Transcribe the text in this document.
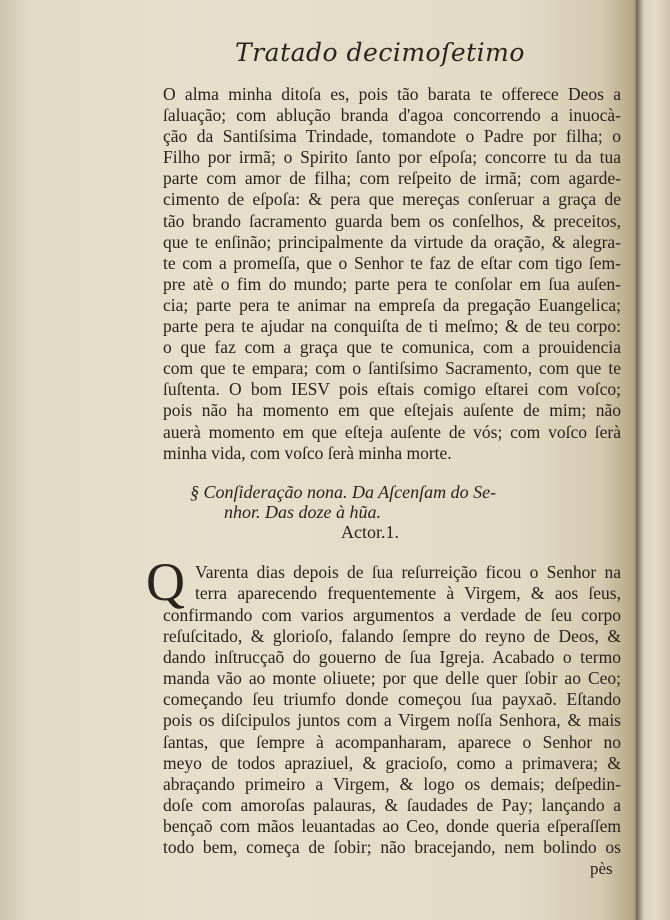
Tratado decimoſetimo
O alma minha ditoſa es, pois tão barata te offerece Deos a
ſaluação; com ablução branda d'agoa concorrendo a inuocà-
ção da Santiſsima Trindade, tomandote o Padre por filha; o
Filho por irmã; o Spirito ſanto por eſpoſa; concorre tu da tua
parte com amor de filha; com reſpeito de irmã; com agarde-
cimento de eſpoſa: & pera que mereças conſeruar a graça de
tão brando ſacramento guarda bem os conſelhos, & preceitos,
que te enſinão; principalmente da virtude da oração, & alegra-
te com a promeſſa, que o Senhor te faz de eſtar com tigo ſem-
pre atè o fim do mundo; parte pera te conſolar em ſua auſen-
cia; parte pera te animar na empreſa da pregação Euangelica;
parte pera te ajudar na conquiſta de ti meſmo; & de teu corpo:
o que faz com a graça que te comunica, com a prouidencia
com que te empara; com o ſantiſsimo Sacramento, com que te
ſuſtenta. O bom IESV pois eſtais comigo eſtarei com voſco;
pois não ha momento em que eſtejais auſente de mim; não
auerà momento em que eſteja auſente de vós; com voſco ſerà
minha vida, com voſco ſerà minha morte.
§ Conſideração nona. Da Aſcenſam do Se-
nhor. Das doze à hũa.
Actor.1.
Q Varenta dias depois de ſua reſurreição ficou o Senhor na
terra aparecendo frequentemente à Virgem, & aos ſeus,
confirmando com varios argumentos a verdade de ſeu corpo
reſuſcitado, & glorioſo, falando ſempre do reyno de Deos, &
dando inſtrucçaõ do gouerno de ſua Igreja. Acabado o termo
manda vão ao monte oliuete; por que delle quer ſobir ao Ceo;
começando ſeu triumfo donde começou ſua payxaõ. Eſtando
pois os diſcipulos juntos com a Virgem noſſa Senhora, & mais
ſantas, que ſempre à acompanharam, aparece o Senhor no
meyo de todos apraziuel, & gracioſo, como a primavera; &
abraçando primeiro a Virgem, & logo os demais; deſpedin-
doſe com amoroſas palauras, & ſaudades de Pay; lançando a
bençaõ com mãos leuantadas ao Ceo, donde queria eſperaſſem
todo bem, começa de ſobir; não bracejando, nem bolindo os
pès
